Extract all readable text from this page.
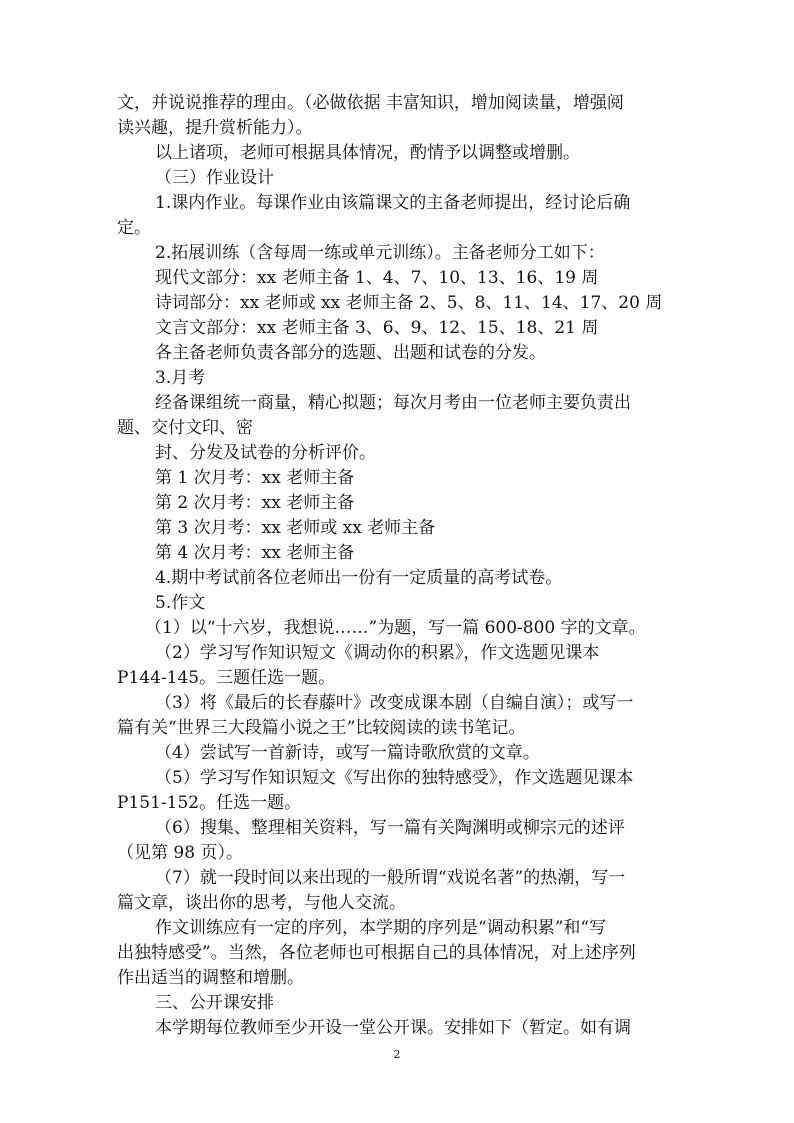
文，并说说推荐的理由。（必做依据 丰富知识，增加阅读量，增强阅
读兴趣，提升赏析能力）。
以上诸项，老师可根据具体情况，酌情予以调整或增删。
（三）作业设计
1.课内作业。每课作业由该篇课文的主备老师提出，经讨论后确
定。
2.拓展训练（含每周一练或单元训练）。主备老师分工如下：
现代文部分：xx 老师主备 1、4、7、10、13、16、19 周
诗词部分：xx 老师或 xx 老师主备 2、5、8、11、14、17、20 周
文言文部分：xx 老师主备 3、6、9、12、15、18、21 周
各主备老师负责各部分的选题、出题和试卷的分发。
3.月考
经备课组统一商量，精心拟题；每次月考由一位老师主要负责出
题、交付文印、密
封、分发及试卷的分析评价。
第 1 次月考：xx 老师主备
第 2 次月考：xx 老师主备
第 3 次月考：xx 老师或 xx 老师主备
第 4 次月考：xx 老师主备
4.期中考试前各位老师出一份有一定质量的高考试卷。
5.作文
（1）以“十六岁，我想说……”为题，写一篇 600-800 字的文章。
（2）学习写作知识短文《调动你的积累》，作文选题见课本
P144-145。三题任选一题。
（3）将《最后的长春藤叶》改变成课本剧（自编自演）；或写一
篇有关“世界三大段篇小说之王”比较阅读的读书笔记。
（4）尝试写一首新诗，或写一篇诗歌欣赏的文章。
（5）学习写作知识短文《写出你的独特感受》，作文选题见课本
P151-152。任选一题。
（6）搜集、整理相关资料，写一篇有关陶渊明或柳宗元的述评
（见第 98 页）。
（7）就一段时间以来出现的一般所谓“戏说名著”的热潮，写一
篇文章，谈出你的思考，与他人交流。
作文训练应有一定的序列，本学期的序列是“调动积累”和“写
出独特感受”。当然，各位老师也可根据自己的具体情况，对上述序列
作出适当的调整和增删。
三、公开课安排
本学期每位教师至少开设一堂公开课。安排如下（暂定。如有调
2
